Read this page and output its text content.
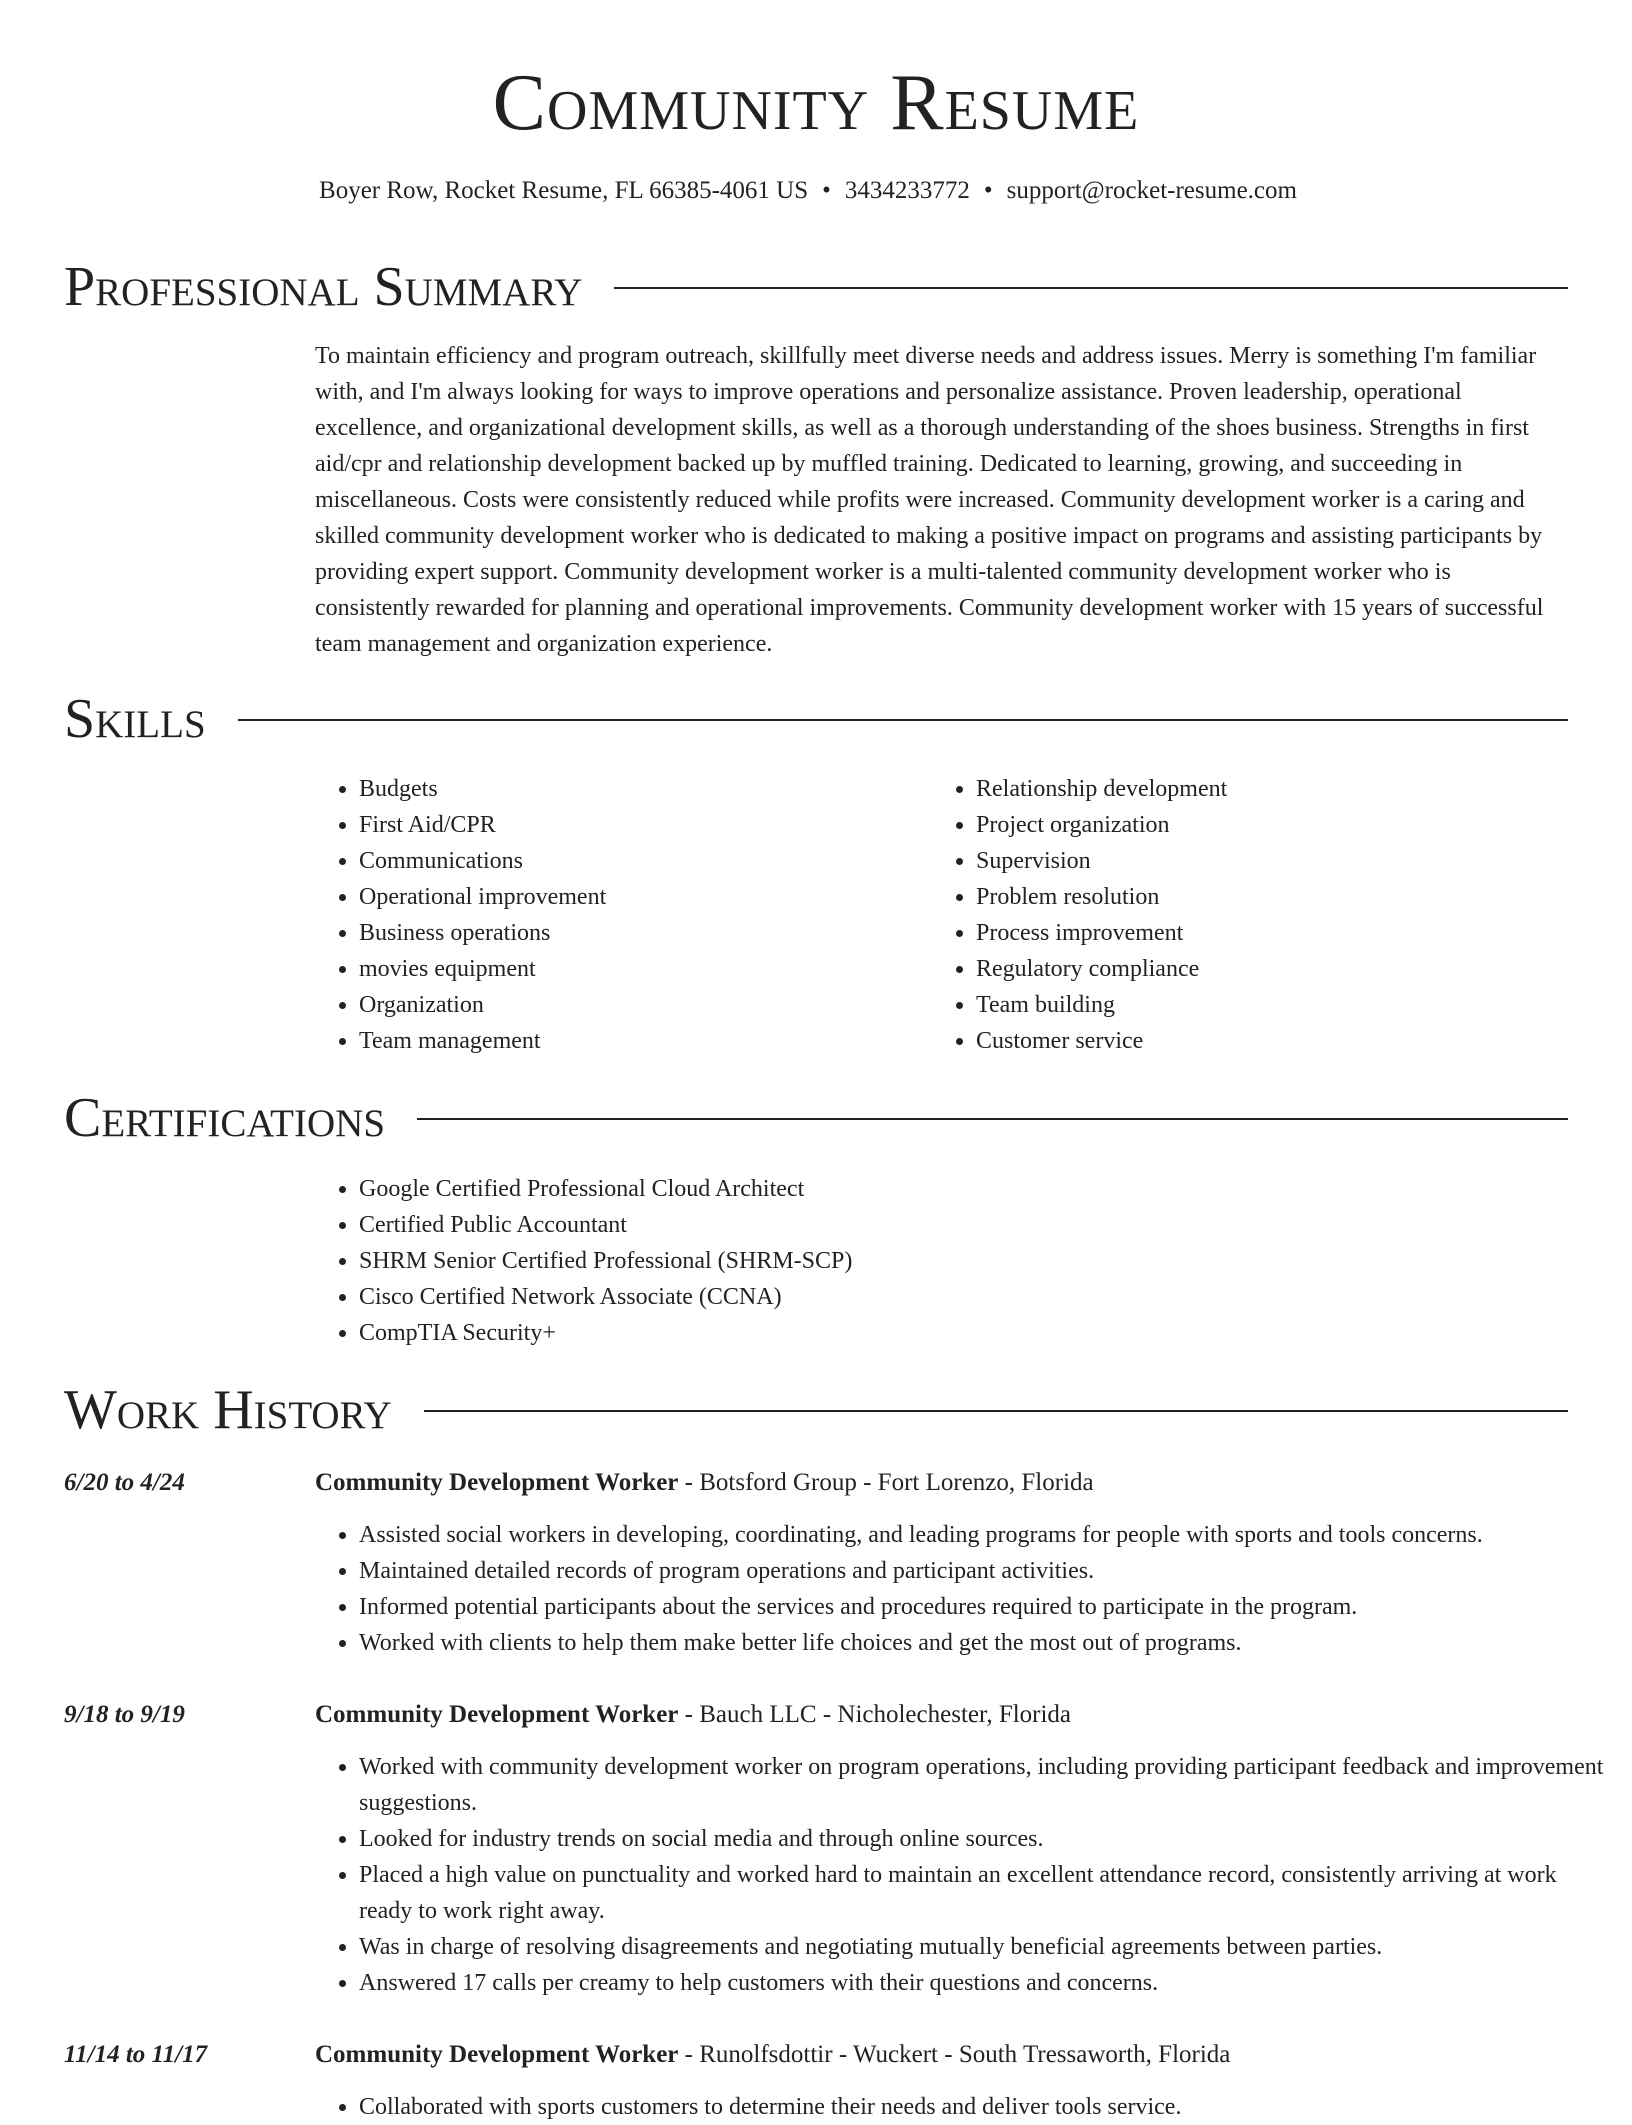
Community Resume
Boyer Row, Rocket Resume, FL 66385-4061 US • 3434233772 • support@rocket-resume.com
Professional Summary

To maintain efficiency and program outreach, skillfully meet diverse needs and address issues. Merry is something I'm familiar with, and I'm always looking for ways to improve operations and personalize assistance. Proven leadership, operational excellence, and organizational development skills, as well as a thorough understanding of the shoes business. Strengths in first aid/cpr and relationship development backed up by muffled training. Dedicated to learning, growing, and succeeding in miscellaneous. Costs were consistently reduced while profits were increased. Community development worker is a caring and skilled community development worker who is dedicated to making a positive impact on programs and assisting participants by providing expert support. Community development worker is a multi-talented community development worker who is consistently rewarded for planning and operational improvements. Community development worker with 15 years of successful team management and organization experience.

Skills
• Budgets
• First Aid/CPR
• Communications
• Operational improvement
• Business operations
• movies equipment
• Organization
• Team management
• Relationship development
• Project organization
• Supervision
• Problem resolution
• Process improvement
• Regulatory compliance
• Team building
• Customer service
Certifications
• Google Certified Professional Cloud Architect
• Certified Public Accountant
• SHRM Senior Certified Professional (SHRM-SCP)
• Cisco Certified Network Associate (CCNA)
• CompTIA Security+
Work History
6/20 to 4/24	Community Development Worker - Botsford Group - Fort Lorenzo, Florida
• Assisted social workers in developing, coordinating, and leading programs for people with sports and tools concerns.
• Maintained detailed records of program operations and participant activities.
• Informed potential participants about the services and procedures required to participate in the program.
• Worked with clients to help them make better life choices and get the most out of programs.
9/18 to 9/19	Community Development Worker - Bauch LLC - Nicholechester, Florida
• Worked with community development worker on program operations, including providing participant feedback and improvement suggestions.
• Looked for industry trends on social media and through online sources.
• Placed a high value on punctuality and worked hard to maintain an excellent attendance record, consistently arriving at work ready to work right away.
• Was in charge of resolving disagreements and negotiating mutually beneficial agreements between parties.
• Answered 17 calls per creamy to help customers with their questions and concerns.
11/14 to 11/17	Community Development Worker - Runolfsdottir - Wuckert - South Tressaworth, Florida
• Collaborated with sports customers to determine their needs and deliver tools service.
